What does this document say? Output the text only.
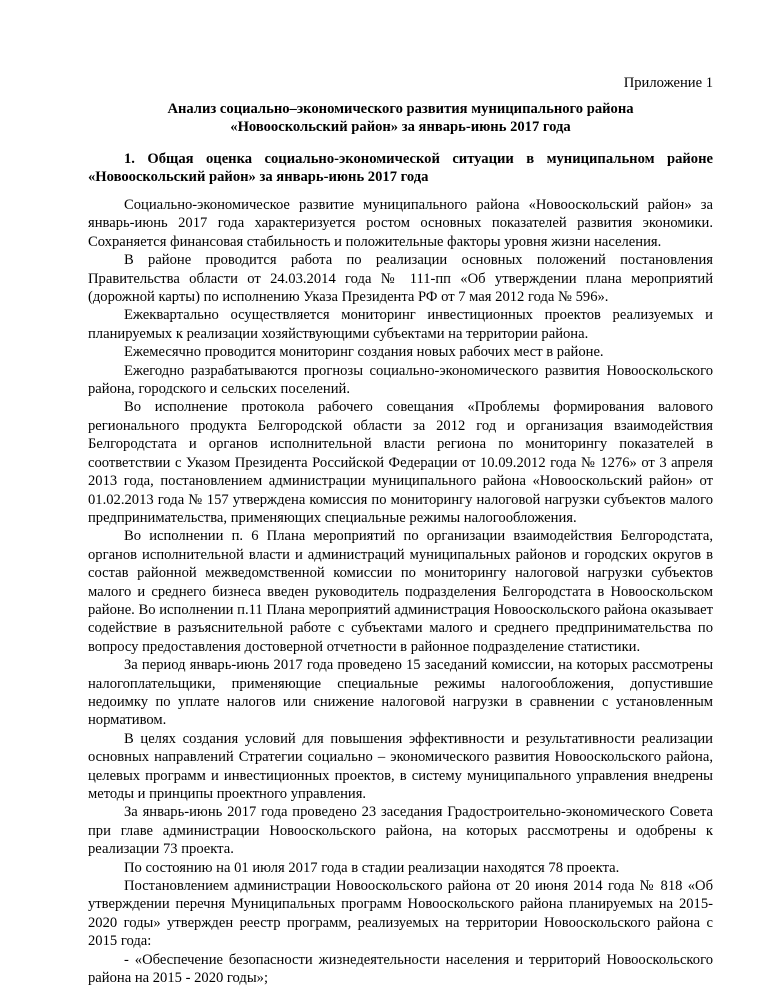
Приложение 1
Анализ социально–экономического развития муниципального района
«Новооскольский район» за январь-июнь 2017 года
1. Общая оценка социально-экономической ситуации в муниципальном районе «Новооскольский район» за январь-июнь 2017 года

Социально-экономическое развитие муниципального района «Новооскольский район» за январь-июнь 2017 года характеризуется ростом основных показателей развития экономики. Сохраняется финансовая стабильность и положительные факторы уровня жизни населения.

В районе проводится работа по реализации основных положений постановления Правительства области от 24.03.2014 года № 111-пп «Об утверждении плана мероприятий (дорожной карты) по исполнению Указа Президента РФ от 7 мая 2012 года № 596».

Ежеквартально осуществляется мониторинг инвестиционных проектов реализуемых и планируемых к реализации хозяйствующими субъектами на территории района.

Ежемесячно проводится мониторинг создания новых рабочих мест в районе.

Ежегодно разрабатываются прогнозы социально-экономического развития Новооскольского района, городского и сельских поселений.

Во исполнение протокола рабочего совещания «Проблемы формирования валового регионального продукта Белгородской области за 2012 год и организация взаимодействия Белгородстата и органов исполнительной власти региона по мониторингу показателей в соответствии с Указом Президента Российской Федерации от 10.09.2012 года № 1276» от 3 апреля 2013 года, постановлением администрации муниципального района «Новооскольский район» от 01.02.2013 года № 157 утверждена комиссия по мониторингу налоговой нагрузки субъектов малого предпринимательства, применяющих специальные режимы налогообложения.

Во исполнении п. 6 Плана мероприятий по организации взаимодействия Белгородстата, органов исполнительной власти и администраций муниципальных районов и городских округов в состав районной межведомственной комиссии по мониторингу налоговой нагрузки субъектов малого и среднего бизнеса введен руководитель подразделения Белгородстата в Новооскольском районе. Во исполнении п.11 Плана мероприятий администрация Новооскольского района оказывает содействие в разъяснительной работе с субъектами малого и среднего предпринимательства по вопросу предоставления достоверной отчетности в районное подразделение статистики.

За период январь-июнь 2017 года проведено 15 заседаний комиссии, на которых рассмотрены налогоплательщики, применяющие специальные режимы налогообложения, допустившие недоимку по уплате налогов или снижение налоговой нагрузки в сравнении с установленным нормативом.

В целях создания условий для повышения эффективности и результативности реализации основных направлений Стратегии социально – экономического развития Новооскольского района, целевых программ и инвестиционных проектов, в систему муниципального управления внедрены методы и принципы проектного управления.

За январь-июнь 2017 года проведено 23 заседания Градостроительно-экономического Совета при главе администрации Новооскольского района, на которых рассмотрены и одобрены к реализации 73 проекта.

По состоянию на 01 июля 2017 года в стадии реализации находятся 78 проекта.

Постановлением администрации Новооскольского района от 20 июня 2014 года № 818 «Об утверждении перечня Муниципальных программ Новооскольского района планируемых на 2015-2020 годы» утвержден реестр программ, реализуемых на территории Новооскольского района с 2015 года:

- «Обеспечение безопасности жизнедеятельности населения и территорий Новооскольского района на 2015 - 2020 годы»;
